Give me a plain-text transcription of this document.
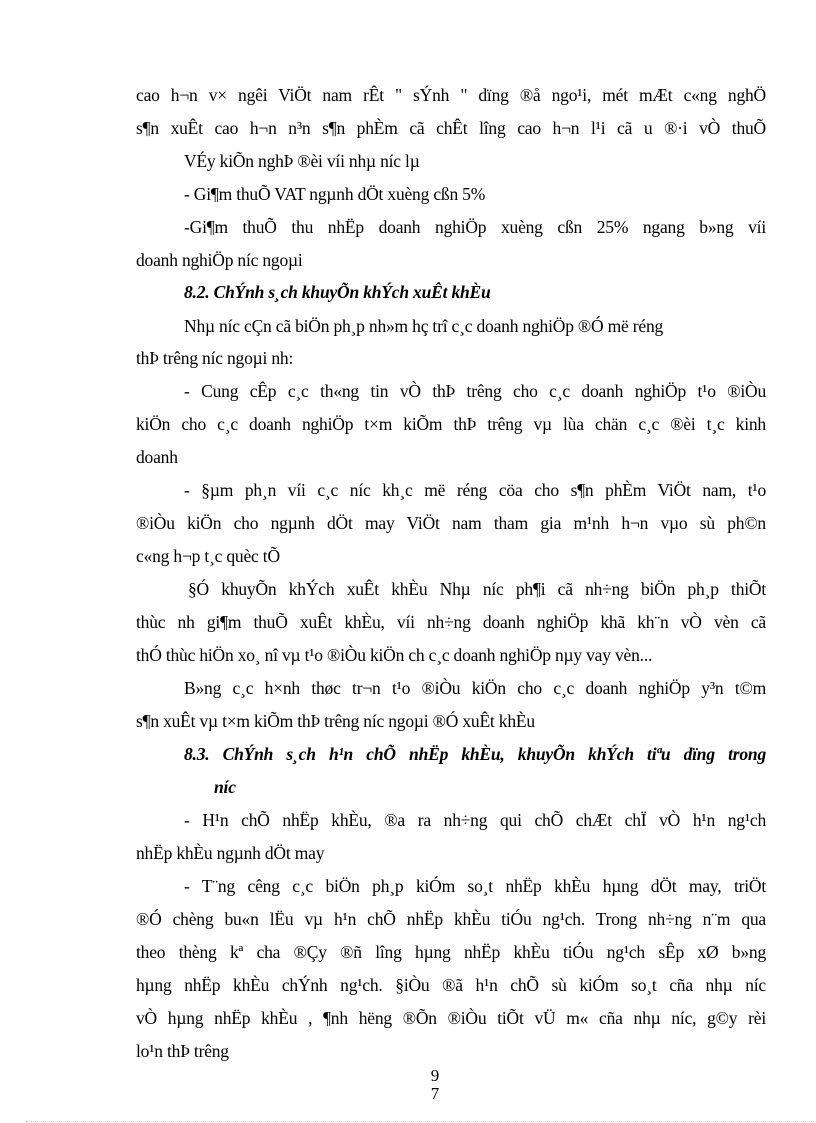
cao h¬n v× ngêi ViÖt nam rÊt " sÝnh " dïng ®å ngo¹i, mét mÆt c«ng nghÖ
s¶n xuÊt cao h¬n n³n s¶n phÈm cã chÊt lîng cao h¬n l¹i cã u ®·i vÒ thuÕ
VÉy kiÕn nghÞ ®èi víi nhµ níc lµ
- Gi¶m thuÕ VAT ngµnh dÖt xuèng cßn 5%
-Gi¶m thuÕ thu nhËp doanh nghiÖp xuèng cßn 25% ngang b»ng víi
doanh nghiÖp níc ngoµi
8.2. ChÝnh s¸ch khuyÕn khÝch xuÊt khÈu
Nhµ níc cÇn cã biÖn ph¸p nh»m hç trî c¸c doanh nghiÖp ®Ó më réng
thÞ trêng níc ngoµi nh:
- Cung cÊp c¸c th«ng tin vÒ thÞ trêng cho c¸c doanh nghiÖp t¹o ®iÒu
kiÖn cho c¸c doanh nghiÖp t×m kiÕm thÞ trêng vµ lùa chän c¸c ®èi t¸c kinh
doanh
- §µm ph¸n víi c¸c níc kh¸c më réng cöa cho s¶n phÈm ViÖt nam, t¹o
®iÒu kiÖn cho ngµnh dÖt may ViÖt nam tham gia m¹nh h¬n vµo sù ph©n
c«ng h¬p t¸c quèc tÕ
§Ó khuyÕn khÝch xuÊt khÈu Nhµ níc ph¶i cã nh÷ng biÖn ph¸p thiÕt
thùc nh gi¶m thuÕ xuÊt khÈu, víi nh÷ng doanh nghiÖp khã kh¨n vÒ vèn cã
thÓ thùc hiÖn xo¸ nî vµ t¹o ®iÒu kiÖn ch c¸c doanh nghiÖp nµy vay vèn...
B»ng c¸c h×nh thøc tr¬n t¹o ®iÒu kiÖn cho c¸c doanh nghiÖp y³n t©m
s¶n xuÊt vµ t×m kiÕm thÞ trêng níc ngoµi ®Ó xuÊt khÈu
8.3. ChÝnh s¸ch h¹n chÕ nhËp khÈu, khuyÕn khÝch tiªu dïng trong
níc
- H¹n chÕ nhËp khÈu, ®a ra nh÷ng qui chÕ chÆt chÏ vÒ h¹n ng¹ch
nhËp khÈu ngµnh dÖt may
- T¨ng cêng c¸c biÖn ph¸p kiÓm so¸t nhËp khÈu hµng dÖt may, triÖt
®Ó chèng bu«n lËu vµ h¹n chÕ nhËp khÈu tiÓu ng¹ch. Trong nh÷ng n¨m qua
theo thèng kª cha ®Çy ®ñ lîng hµng nhËp khÈu tiÓu ng¹ch sÊp xØ b»ng
hµng nhËp khÈu chÝnh ng¹ch. §iÒu ®ã h¹n chÕ sù kiÓm so¸t cña nhµ níc
vÒ hµng nhËp khÈu , ¶nh hëng ®Õn ®iÒu tiÕt vÜ m« cña nhµ níc, g©y rèi
lo¹n thÞ trêng
9
7
